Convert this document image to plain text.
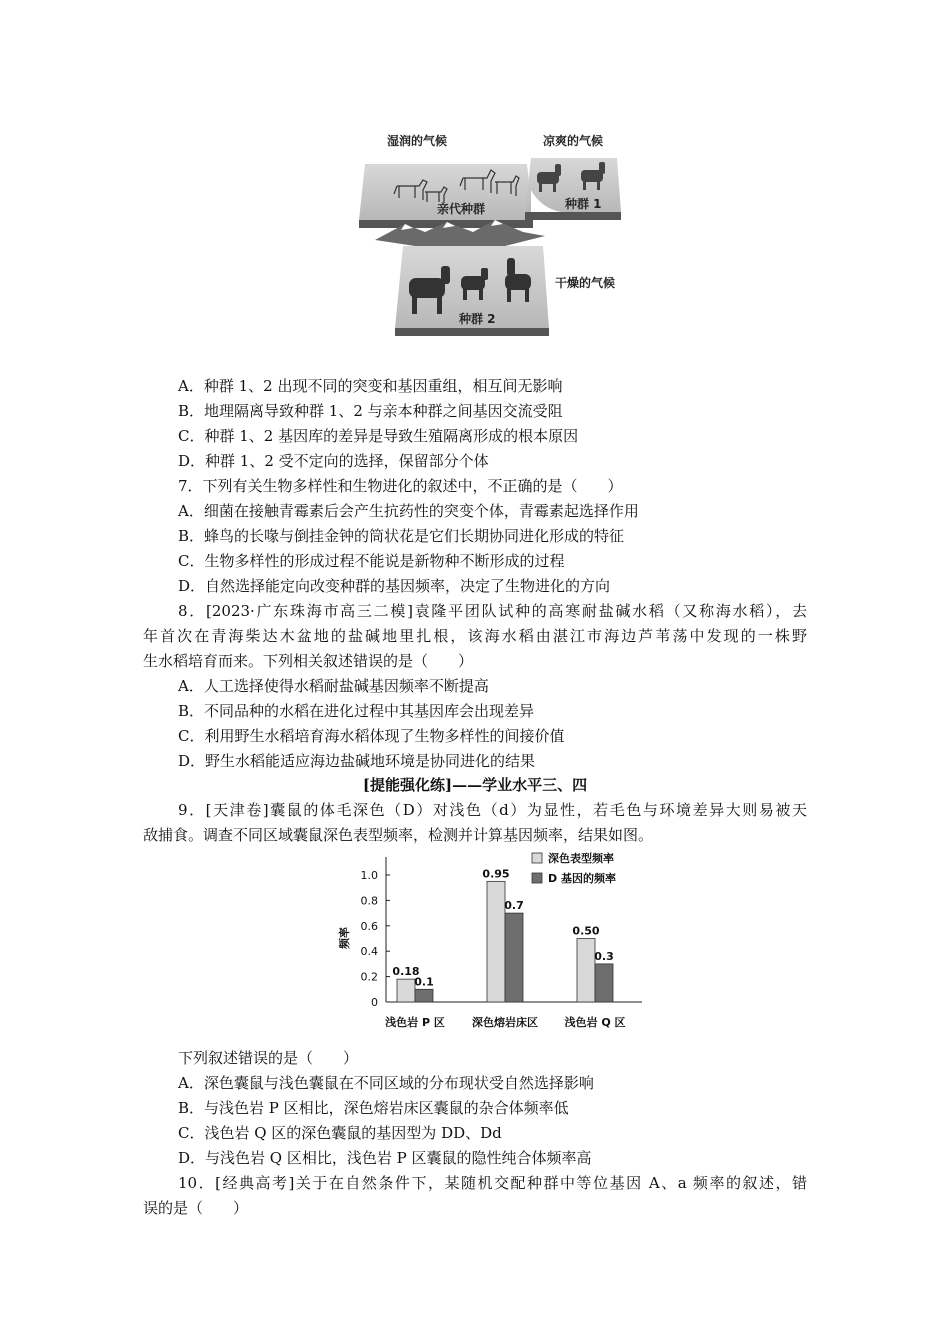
湿润的气候	凉爽的气候
亲代种群	种群 1
干燥的气候
种群 2
A．种群 1、2 出现不同的突变和基因重组，相互间无影响
B．地理隔离导致种群 1、2 与亲本种群之间基因交流受阻
C．种群 1、2 基因库的差异是导致生殖隔离形成的根本原因
D．种群 1、2 受不定向的选择，保留部分个体
7．下列有关生物多样性和生物进化的叙述中，不正确的是（　　）
A．细菌在接触青霉素后会产生抗药性的突变个体，青霉素起选择作用
B．蜂鸟的长喙与倒挂金钟的筒状花是它们长期协同进化形成的特征
C．生物多样性的形成过程不能说是新物种不断形成的过程
D．自然选择能定向改变种群的基因频率，决定了生物进化的方向
8．[2023·广东珠海市高三二模]袁隆平团队试种的高寒耐盐碱水稻（又称海水稻），去
年首次在青海柴达木盆地的盐碱地里扎根，该海水稻由湛江市海边芦苇荡中发现的一株野
生水稻培育而来。下列相关叙述错误的是（　　）
A．人工选择使得水稻耐盐碱基因频率不断提高
B．不同品种的水稻在进化过程中其基因库会出现差异
C．利用野生水稻培育海水稻体现了生物多样性的间接价值
D．野生水稻能适应海边盐碱地环境是协同进化的结果
[提能强化练]——学业水平三、四
9．[天津卷]囊鼠的体毛深色（D）对浅色（d）为显性，若毛色与环境差异大则易被天
敌捕食。调查不同区域囊鼠深色表型频率，检测并计算基因频率，结果如图。
0
0.2
0.4
0.6
0.8
1.0
频率
0.18
0.1
浅色岩 P 区
0.95
0.7
深色熔岩床区
0.50
0.3
浅色岩 Q 区
深色表型频率
D 基因的频率
下列叙述错误的是（　　）
A．深色囊鼠与浅色囊鼠在不同区域的分布现状受自然选择影响
B．与浅色岩 P 区相比，深色熔岩床区囊鼠的杂合体频率低
C．浅色岩 Q 区的深色囊鼠的基因型为 DD、Dd
D．与浅色岩 Q 区相比，浅色岩 P 区囊鼠的隐性纯合体频率高
10．[经典高考]关于在自然条件下，某随机交配种群中等位基因 A、a 频率的叙述，错
误的是（　　）
